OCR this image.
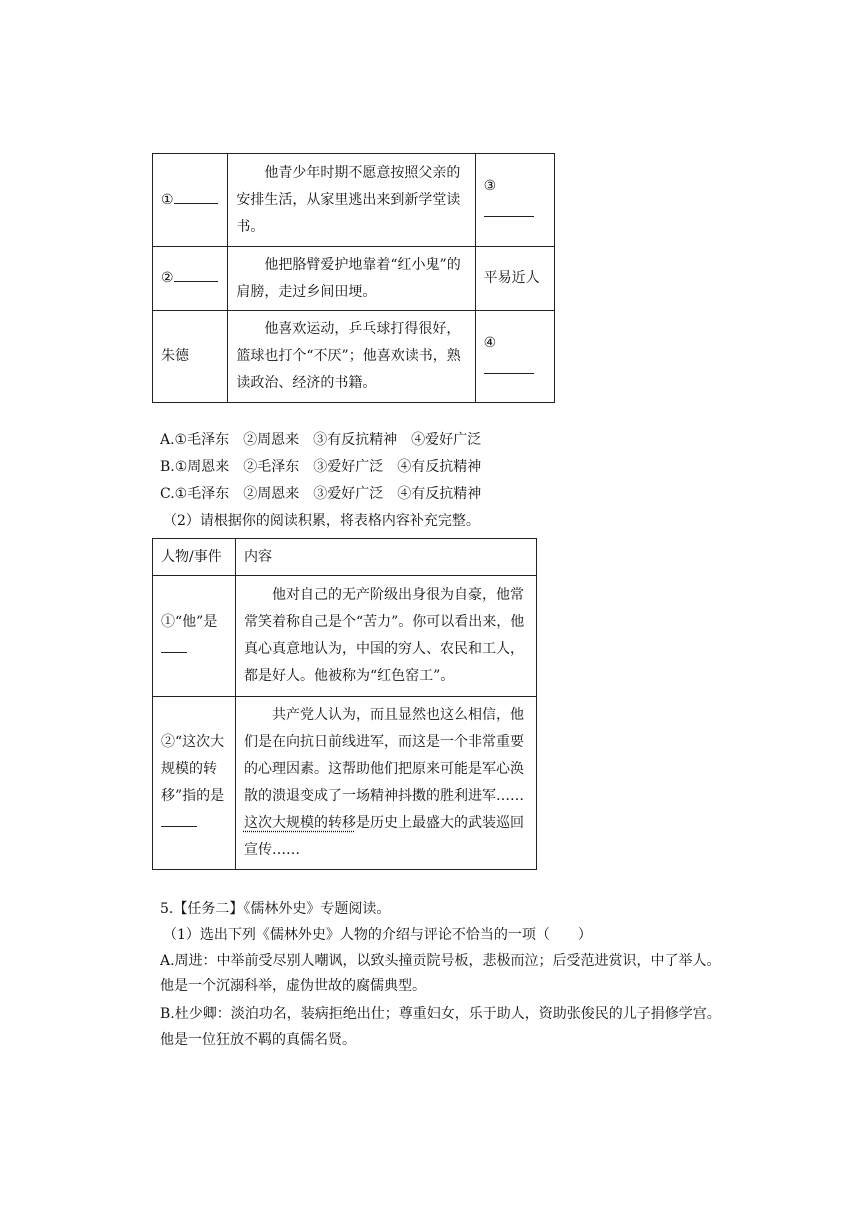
①	他青少年时期不愿意按照父亲的安排生活，从家里逃出来到新学堂读书。	③
②	他把胳臂爱护地靠着“红小鬼”的肩膀，走过乡间田埂。	平易近人
朱德	他喜欢运动，乒乓球打得很好，篮球也打个“不厌”；他喜欢读书，熟读政治、经济的书籍。	④
A.①毛泽东 ②周恩来 ③有反抗精神 ④爱好广泛
B.①周恩来 ②毛泽东 ③爱好广泛 ④有反抗精神
C.①毛泽东 ②周恩来 ③爱好广泛 ④有反抗精神
（2）请根据你的阅读积累，将表格内容补充完整。
人物/事件	内容
①“他”是	他对自己的无产阶级出身很为自豪，他常常笑着称自己是个“苦力”。你可以看出来，他真心真意地认为，中国的穷人、农民和工人，都是好人。他被称为“红色窑工”。
②“这次大规模的转移”指的是	共产党人认为，而且显然也这么相信，他们是在向抗日前线进军，而这是一个非常重要的心理因素。这帮助他们把原来可能是军心涣散的溃退变成了一场精神抖擞的胜利进军……这次大规模的转移是历史上最盛大的武装巡回宣传……
5.【任务二】《儒林外史》专题阅读。
（1）选出下列《儒林外史》人物的介绍与评论不恰当的一项（　　）
A.周进：中举前受尽别人嘲讽，以致头撞贡院号板，悲极而泣；后受范进赏识，中了举人。
他是一个沉溺科举，虚伪世故的腐儒典型。
B.杜少卿：淡泊功名，装病拒绝出仕；尊重妇女，乐于助人，资助张俊民的儿子捐修学宫。
他是一位狂放不羁的真儒名贤。
